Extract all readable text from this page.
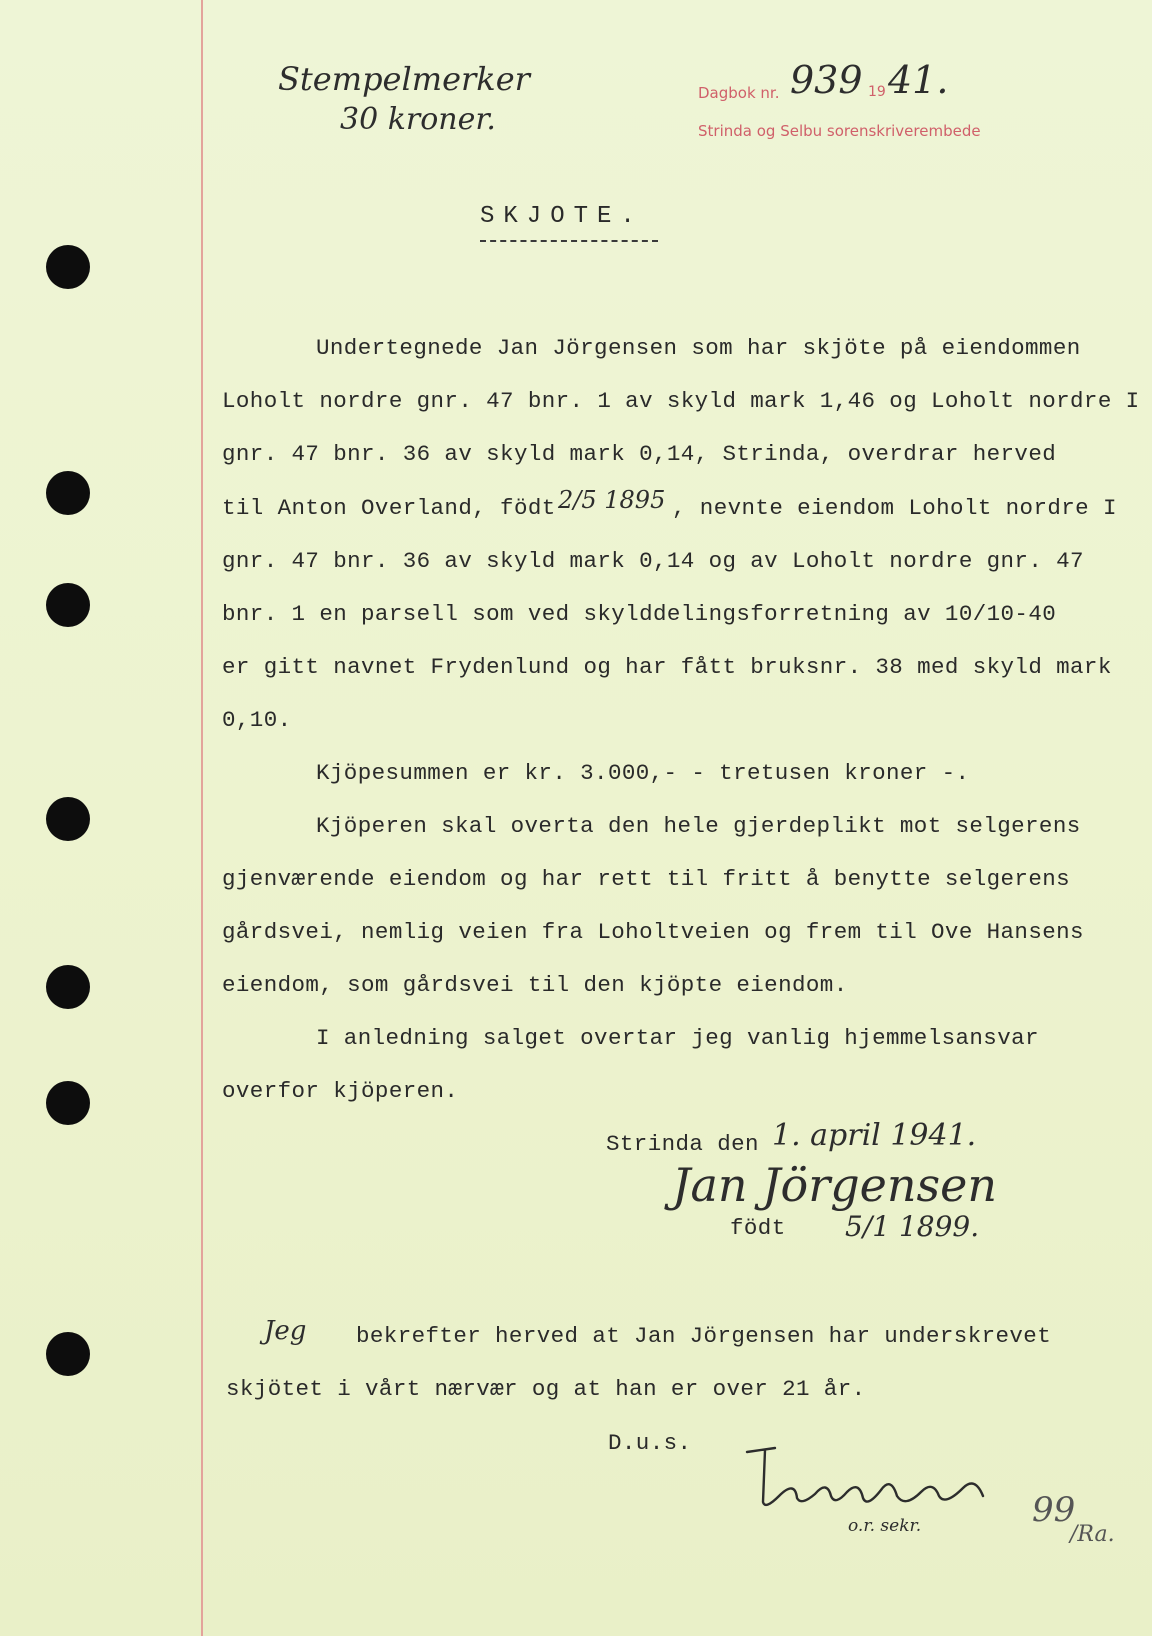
Stempelmerker
30 kroner.
Dagbok nr. 939 19 41.
Strinda og Selbu sorenskriverembede
SKJOTE.
Undertegnede Jan Jörgensen som har skjöte på eiendommen
Loholt nordre gnr. 47 bnr. 1 av skyld mark 1,46 og Loholt nordre I
gnr. 47 bnr. 36 av skyld mark 0,14, Strinda, overdrar herved
til Anton Overland, födt 2/5 1895 , nevnte eiendom Loholt nordre I
gnr. 47 bnr. 36 av skyld mark 0,14 og av Loholt nordre gnr. 47
bnr. 1 en parsell som ved skylddelingsforretning av 10/10-40
er gitt navnet Frydenlund og har fått bruksnr. 38 med skyld mark
0,10.
Kjöpesummen er kr. 3.000,- - tretusen kroner -.
Kjöperen skal overta den hele gjerdeplikt mot selgerens
gjenværende eiendom og har rett til fritt å benytte selgerens
gårdsvei, nemlig veien fra Loholtveien og frem til Ove Hansens
eiendom, som gårdsvei til den kjöpte eiendom.
I anledning salget overtar jeg vanlig hjemmelsansvar
overfor kjöperen.
Strinda den 1. april 1941.
Jan Jörgensen
födt 5/1 1899.
Jeg bekrefter herved at Jan Jörgensen har underskrevet
skjötet i vårt nærvær og at han er over 21 år.
D.u.s.
o.r. sekr.	99
/Ra.
